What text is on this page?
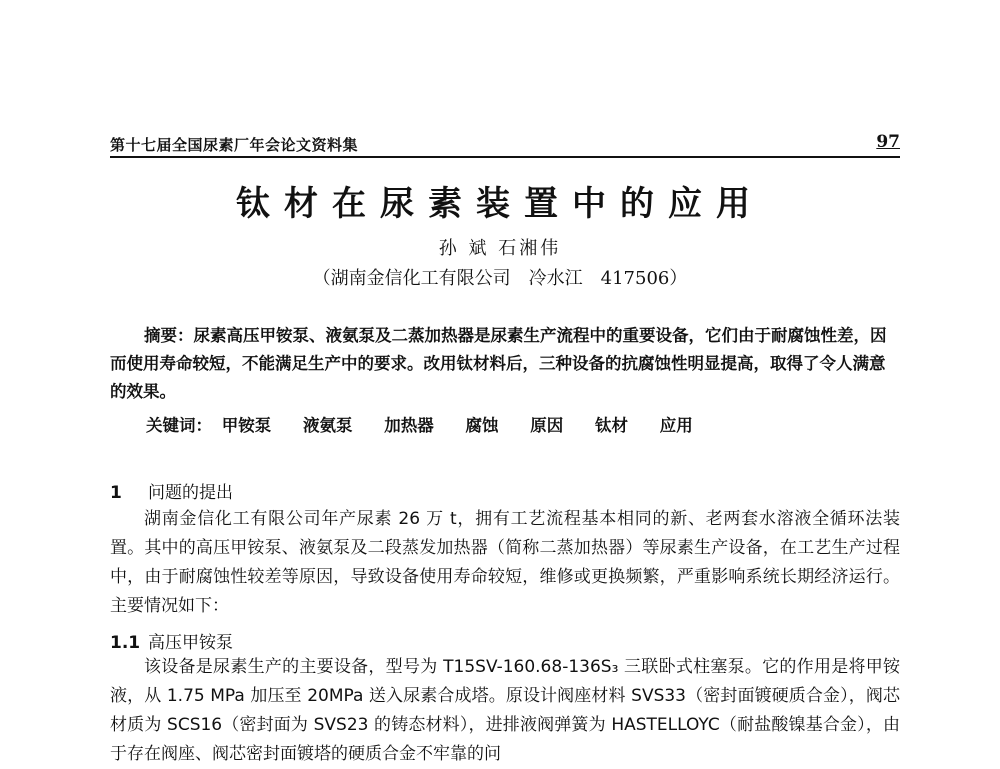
第十七届全国尿素厂年会论文资料集	97
钛材在尿素装置中的应用
孙 斌 石湘伟
（湖南金信化工有限公司　冷水江　417506）
摘要：尿素高压甲铵泵、液氨泵及二蒸加热器是尿素生产流程中的重要设备，它们由于耐腐蚀性差，因而使用寿命较短，不能满足生产中的要求。改用钛材料后，三种设备的抗腐蚀性明显提高，取得了令人满意的效果。
关键词： 甲铵泵 液氨泵 加热器 腐蚀 原因 钛材 应用
1 问题的提出
湖南金信化工有限公司年产尿素 26 万 t，拥有工艺流程基本相同的新、老两套水溶液全循环法装置。其中的高压甲铵泵、液氨泵及二段蒸发加热器（简称二蒸加热器）等尿素生产设备，在工艺生产过程中，由于耐腐蚀性较差等原因，导致设备使用寿命较短，维修或更换频繁，严重影响系统长期经济运行。主要情况如下：
1.1 高压甲铵泵
该设备是尿素生产的主要设备，型号为 T15SV-160.68-136S₃ 三联卧式柱塞泵。它的作用是将甲铵液，从 1.75 MPa 加压至 20MPa 送入尿素合成塔。原设计阀座材料 SVS33（密封面镀硬质合金），阀芯材质为 SCS16（密封面为 SVS23 的铸态材料），进排液阀弹簧为 HASTELLOYC（耐盐酸镍基合金），由于存在阀座、阀芯密封面镀塔的硬质合金不牢靠的问
